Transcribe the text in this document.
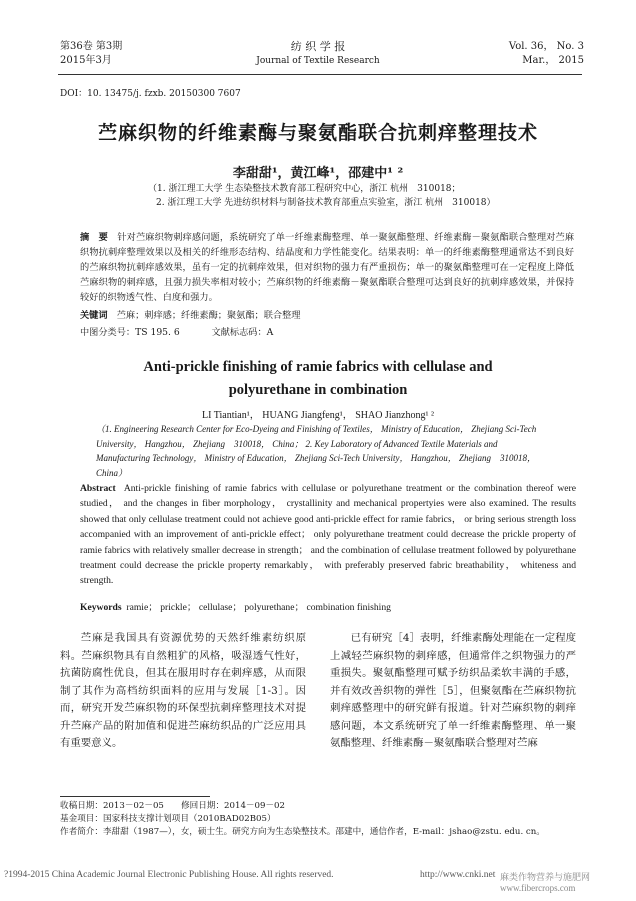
第36卷 第3期
2015年3月
纺 织 学 报
Journal of Textile Research
Vol. 36， No. 3
Mar.， 2015
DOI：10. 13475/j. fzxb. 20150300 7607
苎麻织物的纤维素酶与聚氨酯联合抗刺痒整理技术
李甜甜¹，黄江峰¹，邵建中¹ ²
（1. 浙江理工大学 生态染整技术教育部工程研究中心，浙江 杭州　310018；
2. 浙江理工大学 先进纺织材料与制备技术教育部重点实验室，浙江 杭州　310018）
摘　要　 针对苎麻织物刺痒感问题，系统研究了单一纤维素酶整理、单一聚氨酯整理、纤维素酶－聚氨酯联合整理对苎麻织物抗刺痒整理效果以及相关的纤维形态结构、结晶度和力学性能变化。结果表明：单一的纤维素酶整理通常达不到良好的苎麻织物抗刺痒感效果，虽有一定的抗刺痒效果，但对织物的强力有严重损伤；单一的聚氨酯整理可在一定程度上降低苎麻织物的刺痒感，且强力损失率相对较小；苎麻织物的纤维素酶－聚氨酯联合整理可达到良好的抗刺痒感效果，并保持较好的织物透气性、白度和强力。
关键词　 苎麻；刺痒感；纤维素酶；聚氨酯；联合整理
中图分类号：TS 195. 6	文献标志码：A
Anti-prickle finishing of ramie fabrics with cellulase and polyurethane in combination
LI Tiantian¹， HUANG Jiangfeng¹， SHAO Jianzhong¹ ²
（1. Engineering Research Center for Eco-Dyeing and Finishing of Textiles， Ministry of Education， Zhejiang Sci-Tech University， Hangzhou， Zhejiang　310018， China； 2. Key Laboratory of Advanced Textile Materials and Manufacturing Technology， Ministry of Education， Zhejiang Sci-Tech University， Hangzhou， Zhejiang　310018， China）
Abstract Anti-prickle finishing of ramie fabrics with cellulase or polyurethane treatment or the combination thereof were studied， and the changes in fiber morphology， crystallinity and mechanical propertyies were also examined. The results showed that only cellulase treatment could not achieve good anti-prickle effect for ramie fabrics， or bring serious strength loss accompanied with an improvement of anti-prickle effect； only polyurethane treatment could decrease the prickle property of ramie fabrics with relatively smaller decrease in strength； and the combination of cellulase treatment followed by polyurethane treatment could decrease the prickle property remarkably， with preferably preserved fabric breathability， whiteness and strength.
Keywords ramie； prickle； cellulase； polyurethane； combination finishing
苎麻是我国具有资源优势的天然纤维素纺织原料。苎麻织物具有自然粗犷的风格，吸湿透气性好，抗菌防腐性优良，但其在服用时存在刺痒感，从而限制了其作为高档纺织面料的应用与发展［1-3］。因而，研究开发苎麻织物的环保型抗刺痒整理技术对提升苎麻产品的附加值和促进苎麻纺织品的广泛应用具有重要意义。
已有研究［4］表明，纤维素酶处理能在一定程度上减轻苎麻织物的刺痒感，但通常伴之织物强力的严重损失。聚氨酯整理可赋予纺织品柔软丰满的手感，并有效改善织物的弹性［5］，但聚氨酯在苎麻织物抗刺痒感整理中的研究鲜有报道。针对苎麻织物的刺痒感问题，本文系统研究了单一纤维素酶整理、单一聚氨酯整理、纤维素酶－聚氨酯联合整理对苎麻
收稿日期：2013－02－05　　修回日期：2014－09－02
基金项目：国家科技支撑计划项目（2010BAD02B05）
作者简介：李甜甜（1987—），女，硕士生。研究方向为生态染整技术。邵建中，通信作者，E-mail：jshao@zstu. edu. cn。
?1994-2015 China Academic Journal Electronic Publishing House. All rights reserved.	http://www.cnki.net 麻类作物营养与施肥网 www.fibercrops.com
